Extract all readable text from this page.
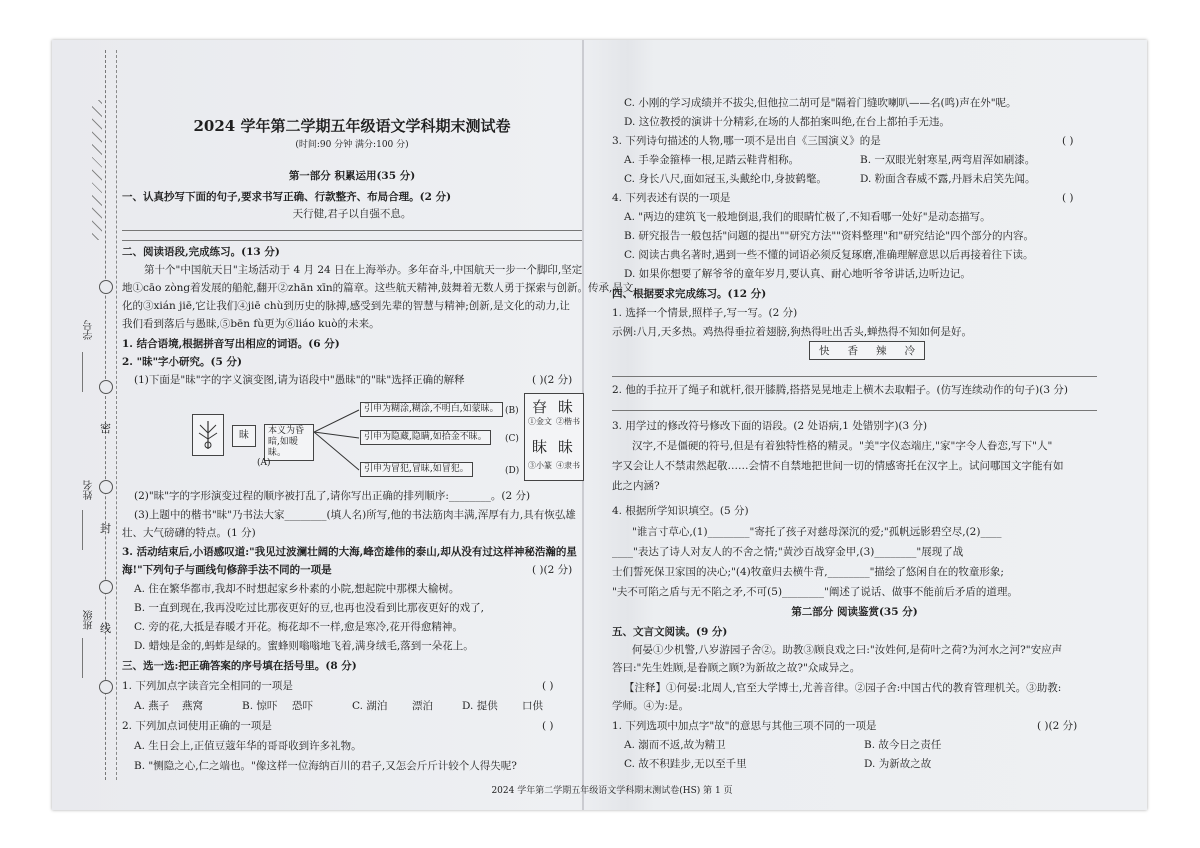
密
封
线
学号
姓名
班级
2024 学年第二学期五年级语文学科期末测试卷
(时间:90 分钟 满分:100 分)
第一部分 积累运用(35 分)
一、认真抄写下面的句子,要求书写正确、行款整齐、布局合理。(2 分)
天行健,君子以自强不息。
二、阅读语段,完成练习。(13 分)
第十个"中国航天日"主场活动于 4 月 24 日在上海举办。多年奋斗,中国航天一步一个脚印,坚定
地①cāo zòng着发展的船舵,翻开②zhān xīn的篇章。这些航天精神,鼓舞着无数人勇于探索与创新。传承,是文
化的③xián jiē,它让我们④jiē chù到历史的脉搏,感受到先辈的智慧与精神;创新,是文化的动力,让
我们看到落后与愚昧,⑤bēn fù更为⑥liáo kuò的未来。
1. 结合语境,根据拼音写出相应的词语。(6 分)
2. "昧"字小研究。(5 分)
(1)下面是"昧"字的字义演变图,请为语段中"愚昧"的"昧"选择正确的解释	( )(2 分)
昧	本义为昏暗,如暧昧。
(A)
引申为糊涂,糊涂,不明白,如蒙昧。
引申为隐藏,隐瞒,如拾金不昧。
引申为冒犯,冒昧,如冒犯。
(B)
(C)
(D)
昚 昧
①金文 ②楷书
眜 昧
③小篆 ④隶书
(2)"昧"字的字形演变过程的顺序被打乱了,请你写出正确的排列顺序:________。(2 分)
(3)上题中的楷书"昧"乃书法大家________(填人名)所写,他的书法筋肉丰满,浑厚有力,具有恢弘雄
壮、大气磅礴的特点。(1 分)
3. 活动结束后,小语感叹道:"我见过波澜壮阔的大海,峰峦雄伟的泰山,却从没有过这样神秘浩瀚的星
海!"下列句子与画线句修辞手法不同的一项是	( )(2 分)
A. 住在繁华都市,我却不时想起家乡朴素的小院,想起院中那棵大榆树。
B. 一直到现在,我再没吃过比那夜更好的豆,也再也没看到比那夜更好的戏了,
C. 旁的花,大抵是春暖才开花。梅花却不一样,愈是寒冷,花开得愈精神。
D. 蜡烛是金的,蚂蚱是绿的。蜜蜂则嗡嗡地飞着,满身绒毛,落到一朵花上。
三、选一选:把正确答案的序号填在括号里。(8 分)
1. 下列加点字读音完全相同的一项是	( )
A. 燕子 燕窝	B. 惊吓 恐吓	C. 湖泊 漂泊	D. 提供 口供
2. 下列加点词使用正确的一项是	( )
A. 生日会上,正值豆蔻年华的哥哥收到许多礼物。
B. "恻隐之心,仁之端也。"像这样一位海纳百川的君子,又怎会斤斤计较个人得失呢?
C. 小刚的学习成绩并不拔尖,但他拉二胡可是"隔着门缝吹喇叭——名(鸣)声在外"呢。
D. 这位教授的演讲十分精彩,在场的人都拍案叫绝,在台上都拍手无违。
3. 下列诗句描述的人物,哪一项不是出自《三国演义》的是	( )
A. 手拳金箍棒一根,足踏云鞋背相称。	B. 一双眼光射寒星,两弯眉浑如刷漆。
C. 身长八尺,面如冠玉,头戴纶巾,身披鹤氅。	D. 粉面含春威不露,丹唇未启笑先闻。
4. 下列表述有误的一项是	( )
A. "两边的建筑飞一般地倒退,我们的眼睛忙极了,不知看哪一处好"是动态描写。
B. 研究报告一般包括"问题的提出""研究方法""资料整理"和"研究结论"四个部分的内容。
C. 阅读古典名著时,遇到一些不懂的词语必须反复琢磨,准确理解意思以后再接着往下读。
D. 如果你想要了解爷爷的童年岁月,要认真、耐心地听爷爷讲话,边听边记。
四、根据要求完成练习。(12 分)
1. 选择一个情景,照样子,写一写。(2 分)
示例:八月,天多热。鸡热得垂拉着翅膀,狗热得吐出舌头,蝉热得不知如何是好。
快 香 辣 冷
2. 他的手拉开了绳子和就杆,很开膝腾,搭搭晃晃地走上横木去取帽子。(仿写连续动作的句子)(3 分)
3. 用学过的修改符号修改下面的语段。(2 处语病,1 处错别字)(3 分)
汉字,不是僵硬的符号,但是有着独特性格的精灵。"美"字仪态端庄,"家"字令人眷恋,写下"人"
字又会让人不禁肃然起敬……会情不自禁地把世间一切的情感寄托在汉字上。试问哪国文字能有如
此之内涵?
4. 根据所学知识填空。(5 分)
"谁言寸草心,(1)________"寄托了孩子对慈母深沉的爱;"孤帆远影碧空尽,(2)____
____"表达了诗人对友人的不舍之情;"黄沙百战穿金甲,(3)________"展现了战
士们誓死保卫家国的决心;"(4)牧童归去横牛背,________"描绘了悠闲自在的牧童形象;
"夫不可陷之盾与无不陷之矛,不可(5)________"阐述了说话、做事不能前后矛盾的道理。
第二部分 阅读鉴赏(35 分)
五、文言文阅读。(9 分)
何晏①少机警,八岁游园子舍②。助教③顾良戏之曰:"汝姓何,是荷叶之荷?为河水之河?"安应声
答曰:"先生姓顾,是眷顾之顾?为新故之故?"众咸异之。
【注释】①何晏:北周人,官至大学博士,尤善音律。②园子舍:中国古代的教育管理机关。③助教:
学师。④为:是。
1. 下列选项中加点字"故"的意思与其他三项不同的一项是	( )(2 分)
A. 溺而不返,故为精卫	B. 故今日之责任
C. 故不积跬步,无以至千里	D. 为新故之故
2024 学年第二学期五年级语文学科期末测试卷(HS) 第 1 页
